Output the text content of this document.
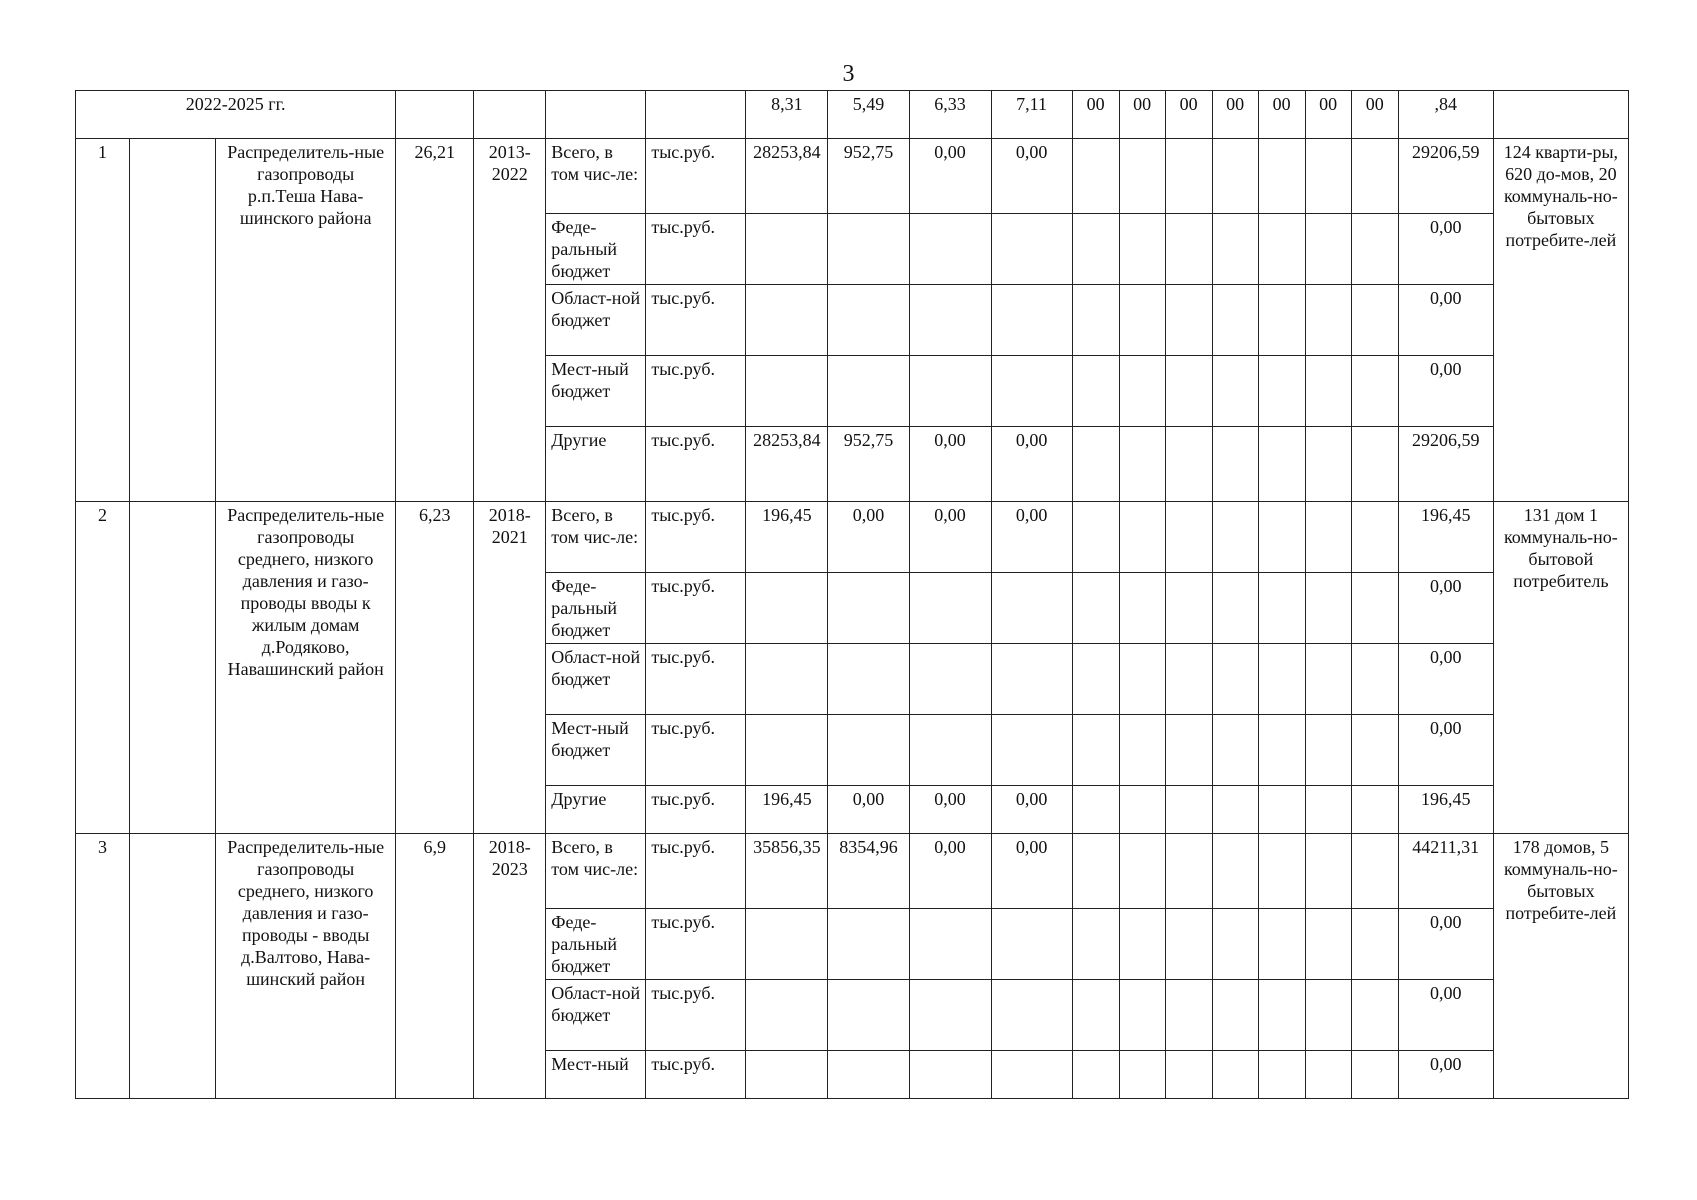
3
2022-2025 гг.							8,31	5,49	6,33	7,11	00	00	00	00	00	00	00	,84	
1		Распределитель-ные газопроводы р.п.Теша Нава-шинского района	26,21	2013-2022	Всего, в том чис-ле:	тыс.руб.	28253,84	952,75	0,00	0,00								29206,59	124 кварти-ры, 620 до-мов, 20 коммуналь-но-бытовых потребите-лей
					Феде-ральный бюджет	тыс.руб.												0,00	
					Област-ной бюджет	тыс.руб.												0,00	
					Мест-ный бюджет	тыс.руб.												0,00	
					Другие	тыс.руб.	28253,84	952,75	0,00	0,00								29206,59	
2		Распределитель-ные газопроводы среднего, низкого давления и газо-проводы вводы к жилым домам д.Родяково, Навашинский район	6,23	2018-2021	Всего, в том чис-ле:	тыс.руб.	196,45	0,00	0,00	0,00								196,45	131 дом 1 коммуналь-но-бытовой потребитель
					Феде-ральный бюджет	тыс.руб.												0,00	
					Област-ной бюджет	тыс.руб.												0,00	
					Мест-ный бюджет	тыс.руб.												0,00	
					Другие	тыс.руб.	196,45	0,00	0,00	0,00								196,45	
3		Распределитель-ные газопроводы среднего, низкого давления и газо-проводы - вводы д.Валтово, Нава-шинский район	6,9	2018-2023	Всего, в том чис-ле:	тыс.руб.	35856,35	8354,96	0,00	0,00								44211,31	178 домов, 5 коммуналь-но-бытовых потребите-лей
					Феде-ральный бюджет	тыс.руб.												0,00	
					Област-ной бюджет	тыс.руб.												0,00	
					Мест-ный	тыс.руб.												0,00	
